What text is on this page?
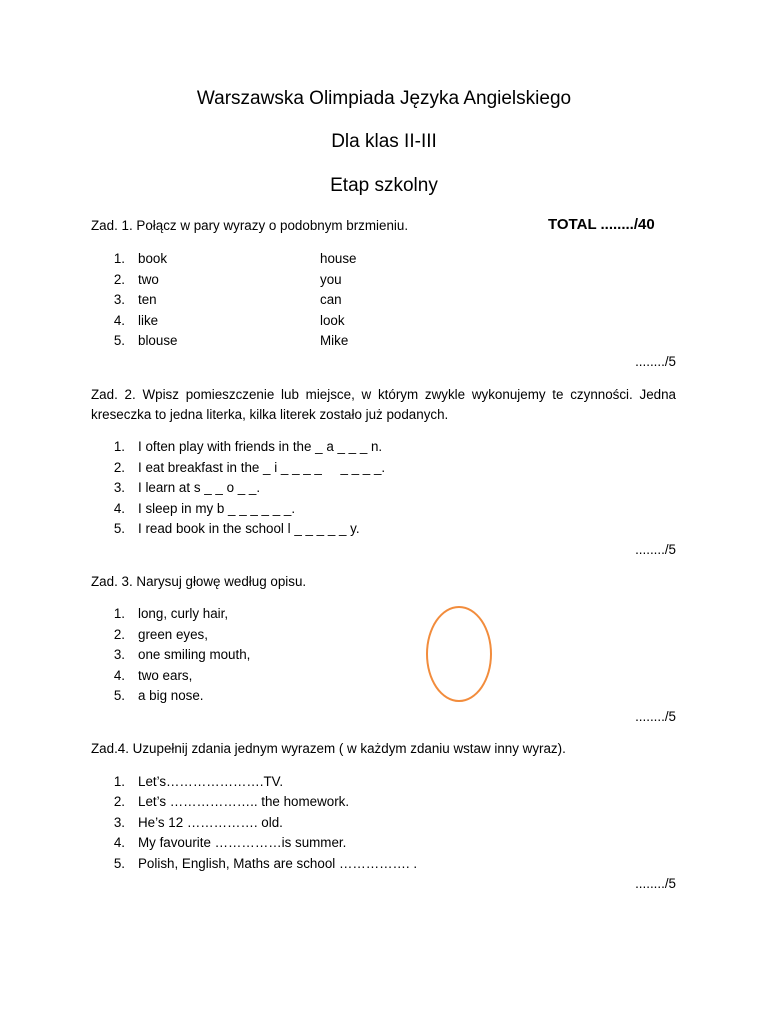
Warszawska Olimpiada Języka Angielskiego
Dla klas II-III
Etap szkolny
Zad. 1. Połącz w pary wyrazy o podobnym brzmieniu.	TOTAL ......../40
1. book	house
2. two	you
3. ten	can
4. like	look
5. blouse	Mike
......../5
Zad. 2. Wpisz pomieszczenie lub miejsce, w którym zwykle wykonujemy te czynności. Jedna kreseczka to jedna literka, kilka literek zostało już podanych.
1. I often play with friends in the _ a _ _ _ n.
2. I eat breakfast in the _ i _ _ _ _     _ _ _ _.
3. I learn at s _ _ o _ _.
4. I sleep in my b _ _ _ _ _ _.
5. I read book in the school l _ _ _ _ _ y.
......../5
Zad. 3. Narysuj głowę według opisu.
1. long, curly hair,
2. green eyes,
3. one smiling mouth,
4. two ears,
5. a big nose.
......../5
Zad.4. Uzupełnij zdania jednym wyrazem ( w każdym zdaniu wstaw inny wyraz).
1. Let’s………………….TV.
2. Let’s ……………….. the homework.
3. He’s 12 ……………. old.
4. My favourite ……………is summer.
5. Polish, English, Maths are school ……………. .
......../5
